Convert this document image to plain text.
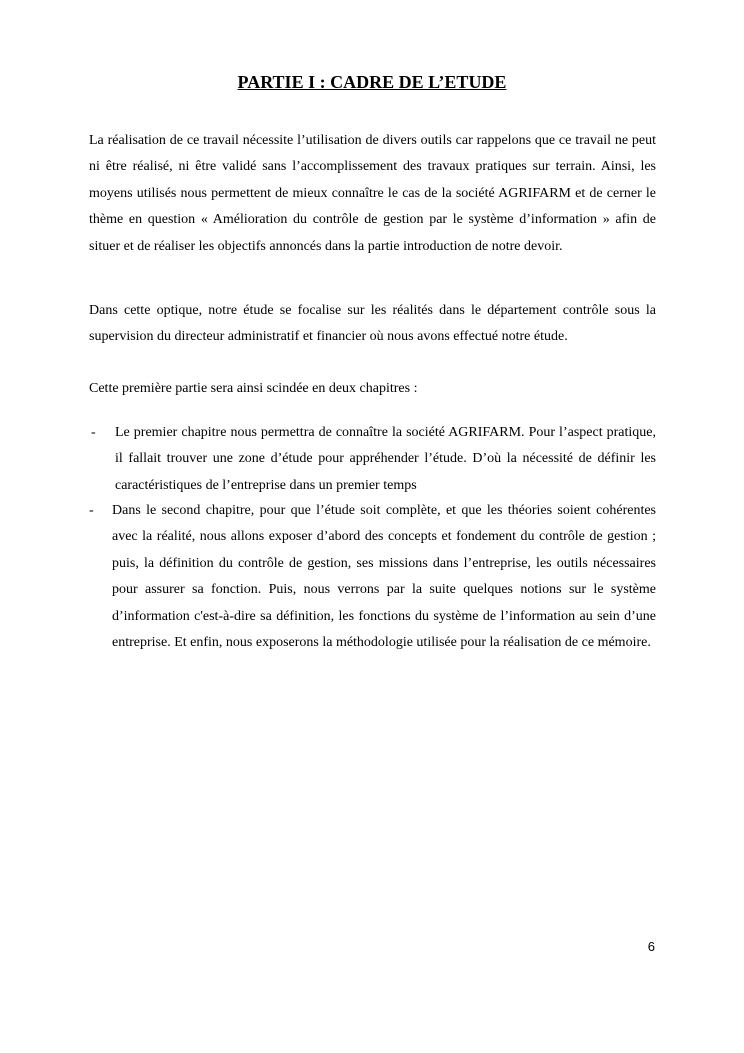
PARTIE I : CADRE DE L’ETUDE

La réalisation de ce travail nécessite l’utilisation de divers outils car rappelons que ce travail ne peut ni être réalisé, ni être validé sans l’accomplissement des travaux pratiques sur terrain. Ainsi, les moyens utilisés nous permettent de mieux connaître le cas de la société AGRIFARM et de cerner le thème en question « Amélioration du contrôle de gestion par le système d’information » afin de situer et de réaliser les objectifs annoncés dans la partie introduction de notre devoir.

Dans cette optique, notre étude se focalise sur les réalités dans le département contrôle sous la supervision du directeur administratif et financier où nous avons effectué notre étude.

Cette première partie sera ainsi scindée en deux chapitres :

-	Le premier chapitre nous permettra de connaître la société AGRIFARM. Pour l’aspect pratique, il fallait trouver une zone d’étude pour appréhender l’étude. D’où la nécessité de définir les caractéristiques de l’entreprise dans un premier temps
-	Dans le second chapitre, pour que l’étude soit complète, et que les théories soient cohérentes avec la réalité, nous allons exposer d’abord des concepts et fondement du contrôle de gestion ; puis, la définition du contrôle de gestion, ses missions dans l’entreprise, les outils nécessaires pour assurer sa fonction. Puis, nous verrons par la suite quelques notions sur le système d’information c'est-à-dire sa définition, les fonctions du système de l’information au sein d’une entreprise. Et enfin, nous exposerons la méthodologie utilisée pour la réalisation de ce mémoire.

6
